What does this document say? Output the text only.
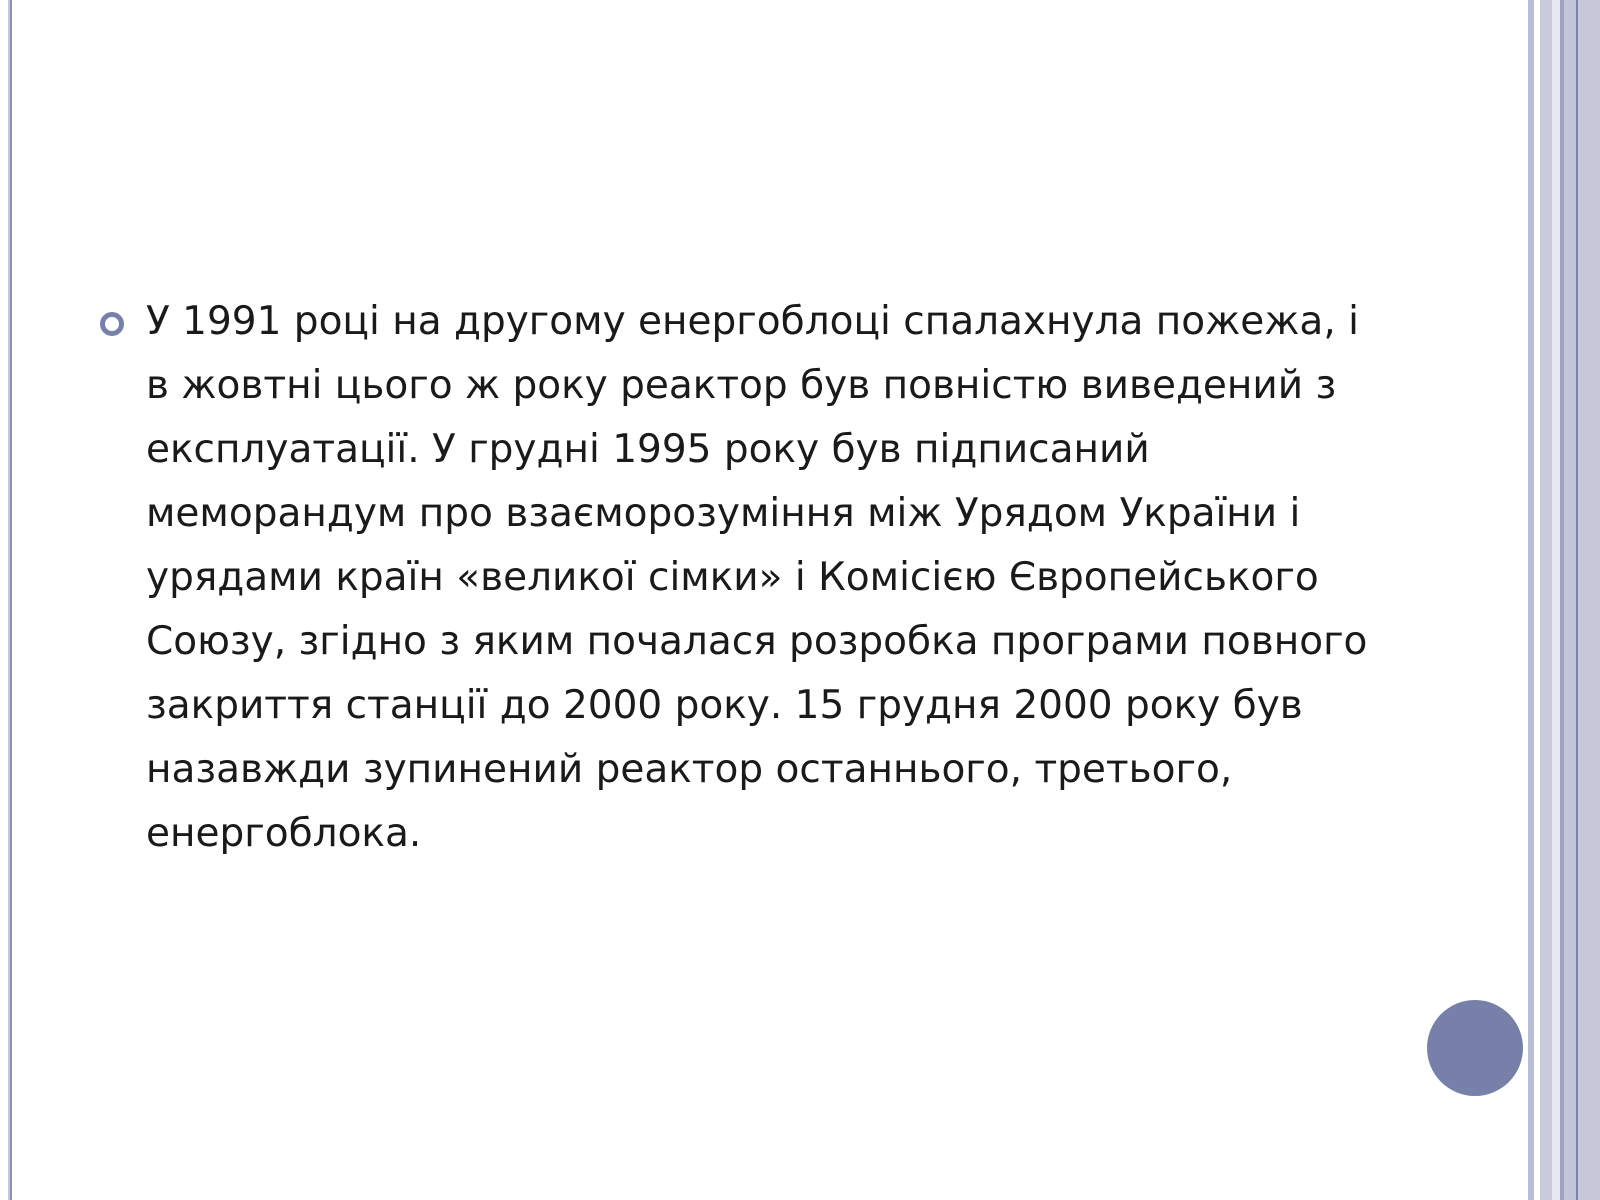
У 1991 році на другому енергоблоці спалахнула пожежа, і в жовтні цього ж року реактор був повністю виведений з експлуатації. У грудні 1995 року був підписаний меморандум про взаєморозуміння між Урядом України і урядами країн «великої сімки» і Комісією Європейського Союзу, згідно з яким почалася розробка програми повного закриття станції до 2000 року. 15 грудня 2000 року був назавжди зупинений реактор останнього, третього, енергоблока.
